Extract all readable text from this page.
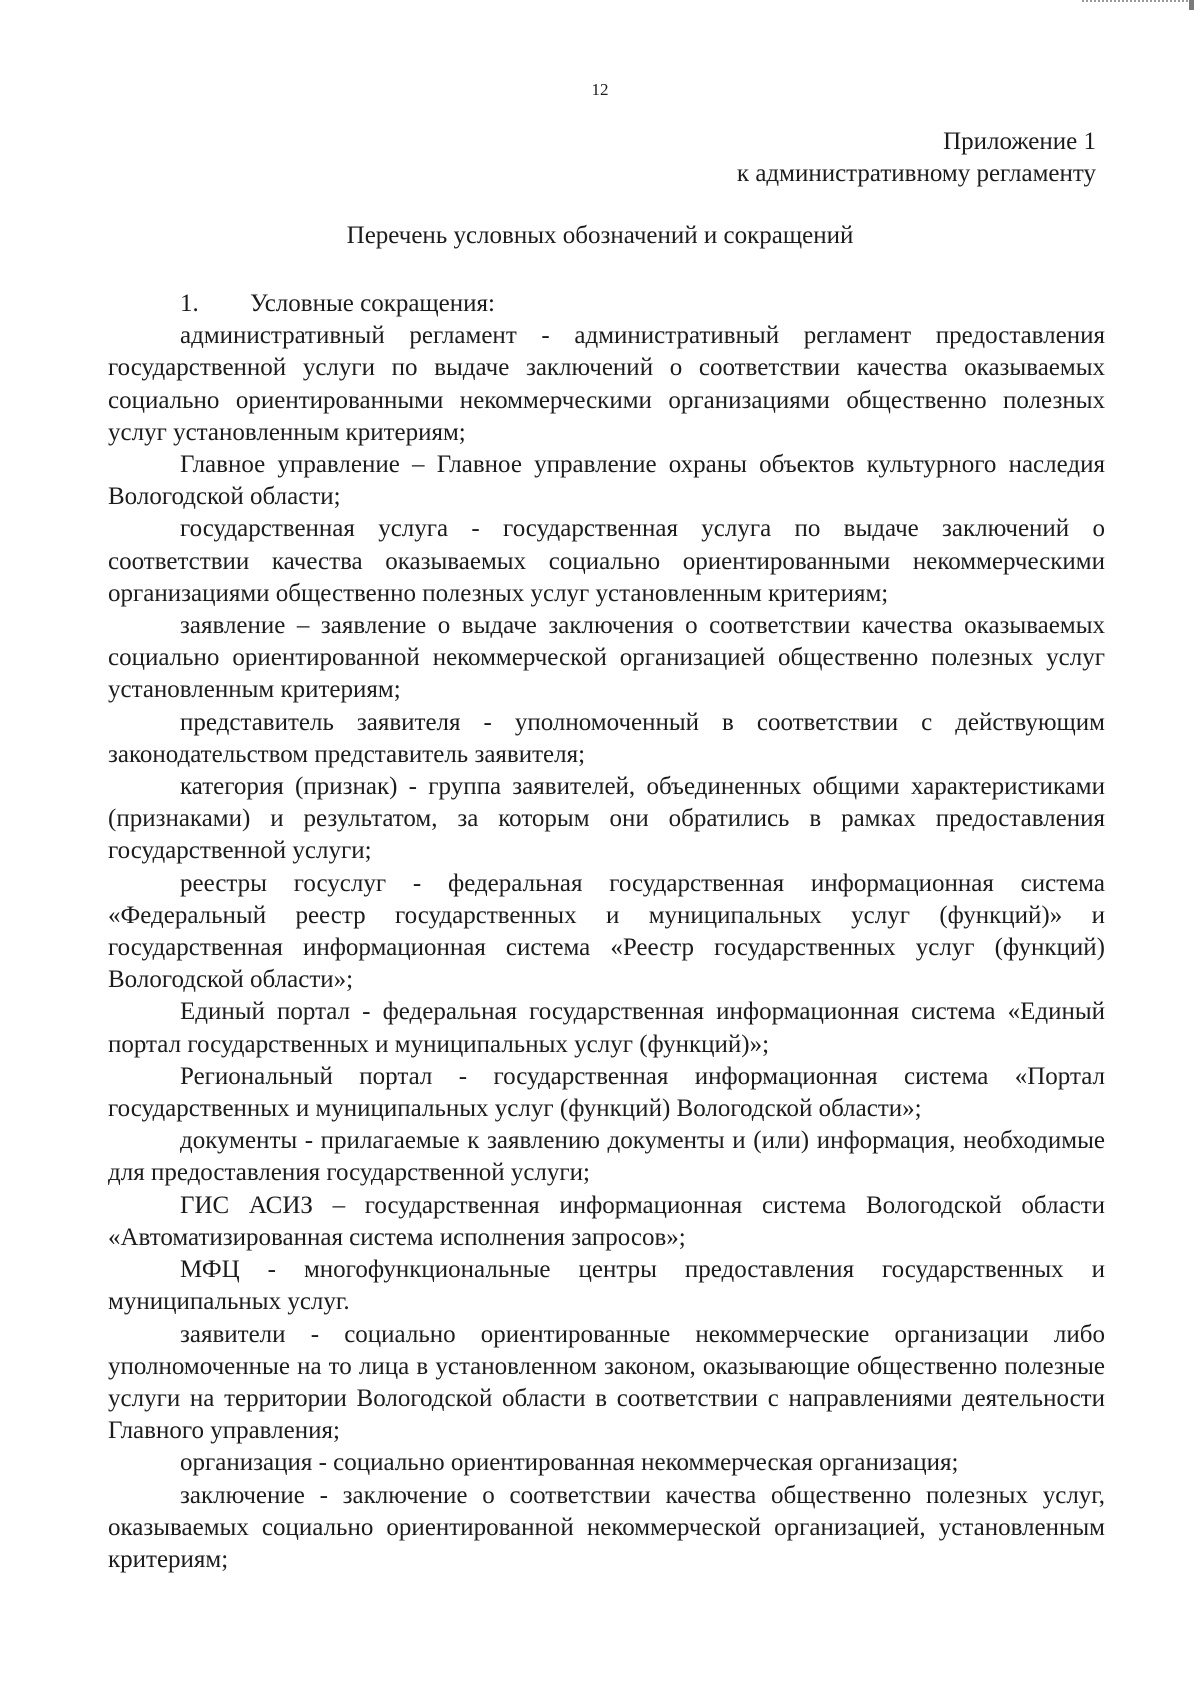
12
Приложение 1
к административному регламенту
Перечень условных обозначений и сокращений

1. Условные сокращения:

административный регламент - административный регламент предоставления государственной услуги по выдаче заключений о соответствии качества оказываемых социально ориентированными некоммерческими организациями общественно полезных услуг установленным критериям;

Главное управление – Главное управление охраны объектов культурного наследия Вологодской области;

государственная услуга - государственная услуга по выдаче заключений о соответствии качества оказываемых социально ориентированными некоммерческими организациями общественно полезных услуг установленным критериям;

заявление – заявление о выдаче заключения о соответствии качества оказываемых социально ориентированной некоммерческой организацией общественно полезных услуг установленным критериям;

представитель заявителя - уполномоченный в соответствии с действующим законодательством представитель заявителя;

категория (признак) - группа заявителей, объединенных общими характеристиками (признаками) и результатом, за которым они обратились в рамках предоставления государственной услуги;

реестры госуслуг - федеральная государственная информационная система «Федеральный реестр государственных и муниципальных услуг (функций)» и государственная информационная система «Реестр государственных услуг (функций) Вологодской области»;

Единый портал - федеральная государственная информационная система «Единый портал государственных и муниципальных услуг (функций)»;

Региональный портал - государственная информационная система «Портал государственных и муниципальных услуг (функций) Вологодской области»;

документы - прилагаемые к заявлению документы и (или) информация, необходимые для предоставления государственной услуги;

ГИС АСИЗ – государственная информационная система Вологодской области «Автоматизированная система исполнения запросов»;

МФЦ - многофункциональные центры предоставления государственных и муниципальных услуг.

заявители - социально ориентированные некоммерческие организации либо уполномоченные на то лица в установленном законом, оказывающие общественно полезные услуги на территории Вологодской области в соответствии с направлениями деятельности Главного управления;

организация - социально ориентированная некоммерческая организация;

заключение - заключение о соответствии качества общественно полезных услуг, оказываемых социально ориентированной некоммерческой организацией, установленным критериям;
